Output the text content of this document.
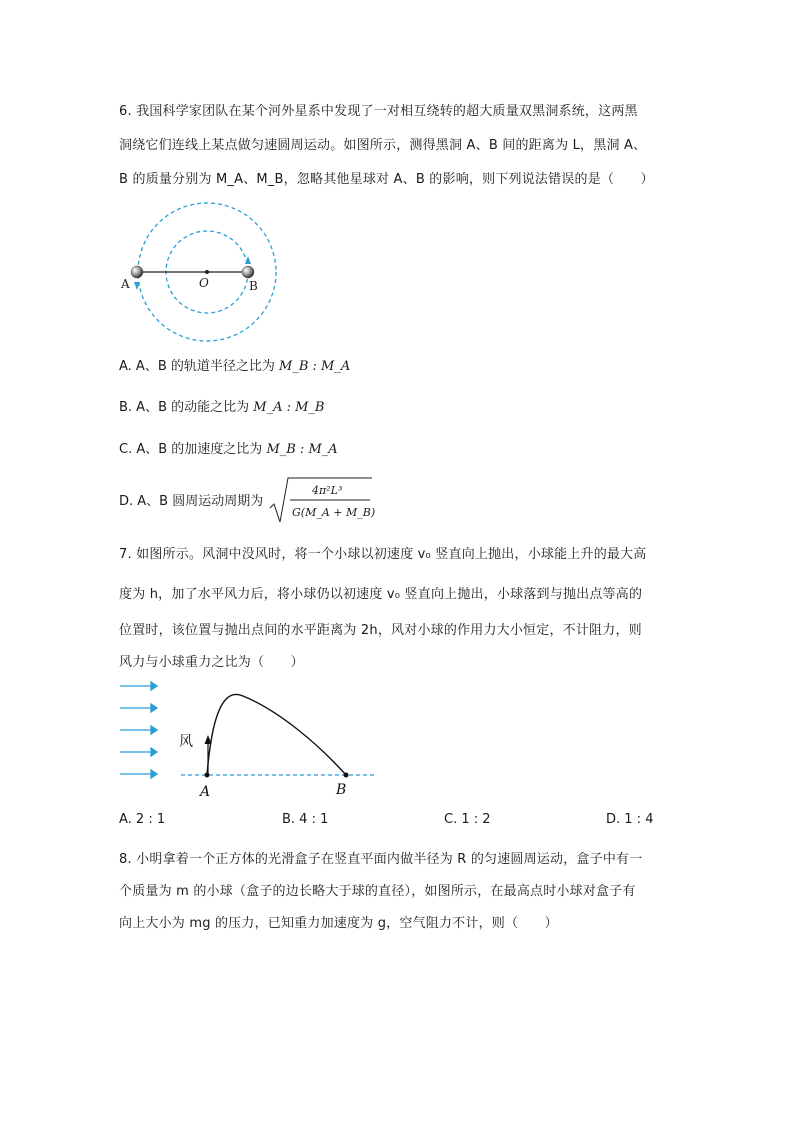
6. 我国科学家团队在某个河外星系中发现了一对相互绕转的超大质量双黑洞系统，这两黑
洞绕它们连线上某点做匀速圆周运动。如图所示，测得黑洞 A、B 间的距离为 L，黑洞 A、
B 的质量分别为 M_A、M_B，忽略其他星球对 A、B 的影响，则下列说法错误的是（　　）
A	O	B
A. A、B 的轨道半径之比为 M_B : M_A
B. A、B 的动能之比为 M_A : M_B
C. A、B 的加速度之比为 M_B : M_A
D. A、B 圆周运动周期为
4π²L³
G(M_A + M_B)
7. 如图所示。风洞中没风时，将一个小球以初速度 v₀ 竖直向上抛出，小球能上升的最大高
度为 h，加了水平风力后，将小球仍以初速度 v₀ 竖直向上抛出，小球落到与抛出点等高的
位置时，该位置与抛出点间的水平距离为 2h，风对小球的作用力大小恒定，不计阻力，则
风力与小球重力之比为（　　）
风
A	B
A. 2 : 1	B. 4 : 1	C. 1 : 2	D. 1 : 4
8. 小明拿着一个正方体的光滑盒子在竖直平面内做半径为 R 的匀速圆周运动，盒子中有一
个质量为 m 的小球（盒子的边长略大于球的直径），如图所示，在最高点时小球对盒子有
向上大小为 mg 的压力，已知重力加速度为 g，空气阻力不计，则（　　）
